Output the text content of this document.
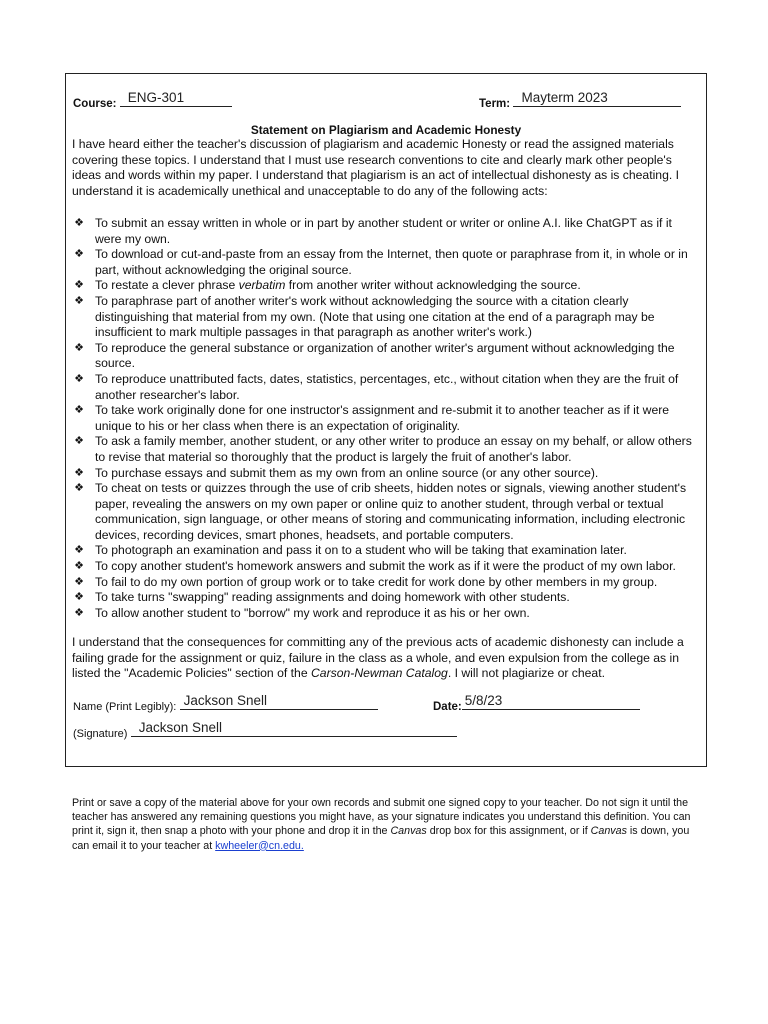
Course: ENG-301	Term: Mayterm 2023
Statement on Plagiarism and Academic Honesty

I have heard either the teacher's discussion of plagiarism and academic Honesty or read the assigned materials covering these topics. I understand that I must use research conventions to cite and clearly mark other people's ideas and words within my paper. I understand that plagiarism is an act of intellectual dishonesty as is cheating. I understand it is academically unethical and unacceptable to do any of the following acts:

❖ To submit an essay written in whole or in part by another student or writer or online A.I. like ChatGPT as if it were my own.
❖ To download or cut-and-paste from an essay from the Internet, then quote or paraphrase from it, in whole or in part, without acknowledging the original source.
❖ To restate a clever phrase verbatim from another writer without acknowledging the source.
❖ To paraphrase part of another writer's work without acknowledging the source with a citation clearly distinguishing that material from my own. (Note that using one citation at the end of a paragraph may be insufficient to mark multiple passages in that paragraph as another writer's work.)
❖ To reproduce the general substance or organization of another writer's argument without acknowledging the source.
❖ To reproduce unattributed facts, dates, statistics, percentages, etc., without citation when they are the fruit of another researcher's labor.
❖ To take work originally done for one instructor's assignment and re-submit it to another teacher as if it were unique to his or her class when there is an expectation of originality.
❖ To ask a family member, another student, or any other writer to produce an essay on my behalf, or allow others to revise that material so thoroughly that the product is largely the fruit of another's labor.
❖ To purchase essays and submit them as my own from an online source (or any other source).
❖ To cheat on tests or quizzes through the use of crib sheets, hidden notes or signals, viewing another student's paper, revealing the answers on my own paper or online quiz to another student, through verbal or textual communication, sign language, or other means of storing and communicating information, including electronic devices, recording devices, smart phones, headsets, and portable computers.
❖ To photograph an examination and pass it on to a student who will be taking that examination later.
❖ To copy another student's homework answers and submit the work as if it were the product of my own labor.
❖ To fail to do my own portion of group work or to take credit for work done by other members in my group.
❖ To take turns "swapping" reading assignments and doing homework with other students.
❖ To allow another student to "borrow" my work and reproduce it as his or her own.

I understand that the consequences for committing any of the previous acts of academic dishonesty can include a failing grade for the assignment or quiz, failure in the class as a whole, and even expulsion from the college as in listed the "Academic Policies" section of the Carson-Newman Catalog. I will not plagiarize or cheat.

Name (Print Legibly): Jackson Snell	Date: 5/8/23
(Signature) Jackson Snell
Print or save a copy of the material above for your own records and submit one signed copy to your teacher. Do not sign it until the teacher has answered any remaining questions you might have, as your signature indicates you understand this definition. You can print it, sign it, then snap a photo with your phone and drop it in the Canvas drop box for this assignment, or if Canvas is down, you can email it to your teacher at kwheeler@cn.edu.
